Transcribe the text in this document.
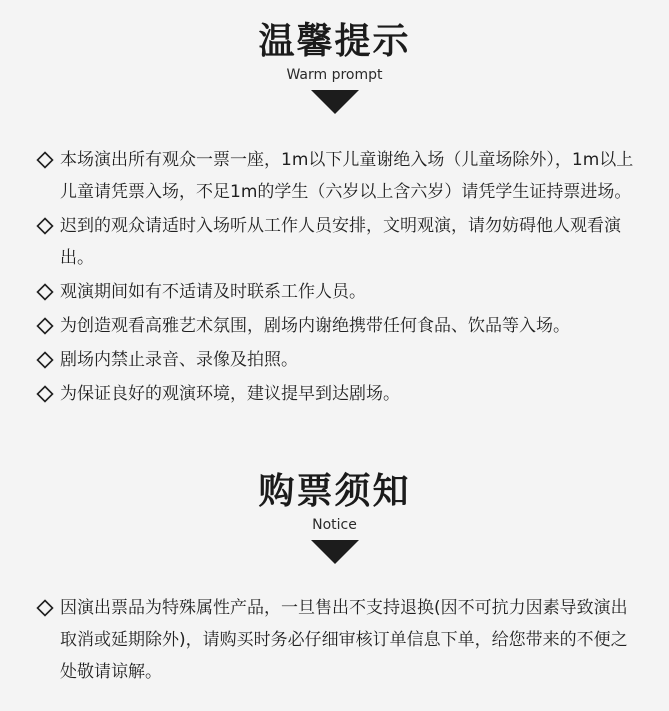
温馨提示
Warm prompt
本场演出所有观众一票一座，1m以下儿童谢绝入场（儿童场除外），1m以上儿童请凭票入场，不足1m的学生（六岁以上含六岁）请凭学生证持票进场。
迟到的观众请适时入场听从工作人员安排，文明观演，请勿妨碍他人观看演出。
观演期间如有不适请及时联系工作人员。
为创造观看高雅艺术氛围，剧场内谢绝携带任何食品、饮品等入场。
剧场内禁止录音、录像及拍照。
为保证良好的观演环境，建议提早到达剧场。
购票须知
Notice
因演出票品为特殊属性产品，一旦售出不支持退换(因不可抗力因素导致演出取消或延期除外)，请购买时务必仔细审核订单信息下单，给您带来的不便之处敬请谅解。
